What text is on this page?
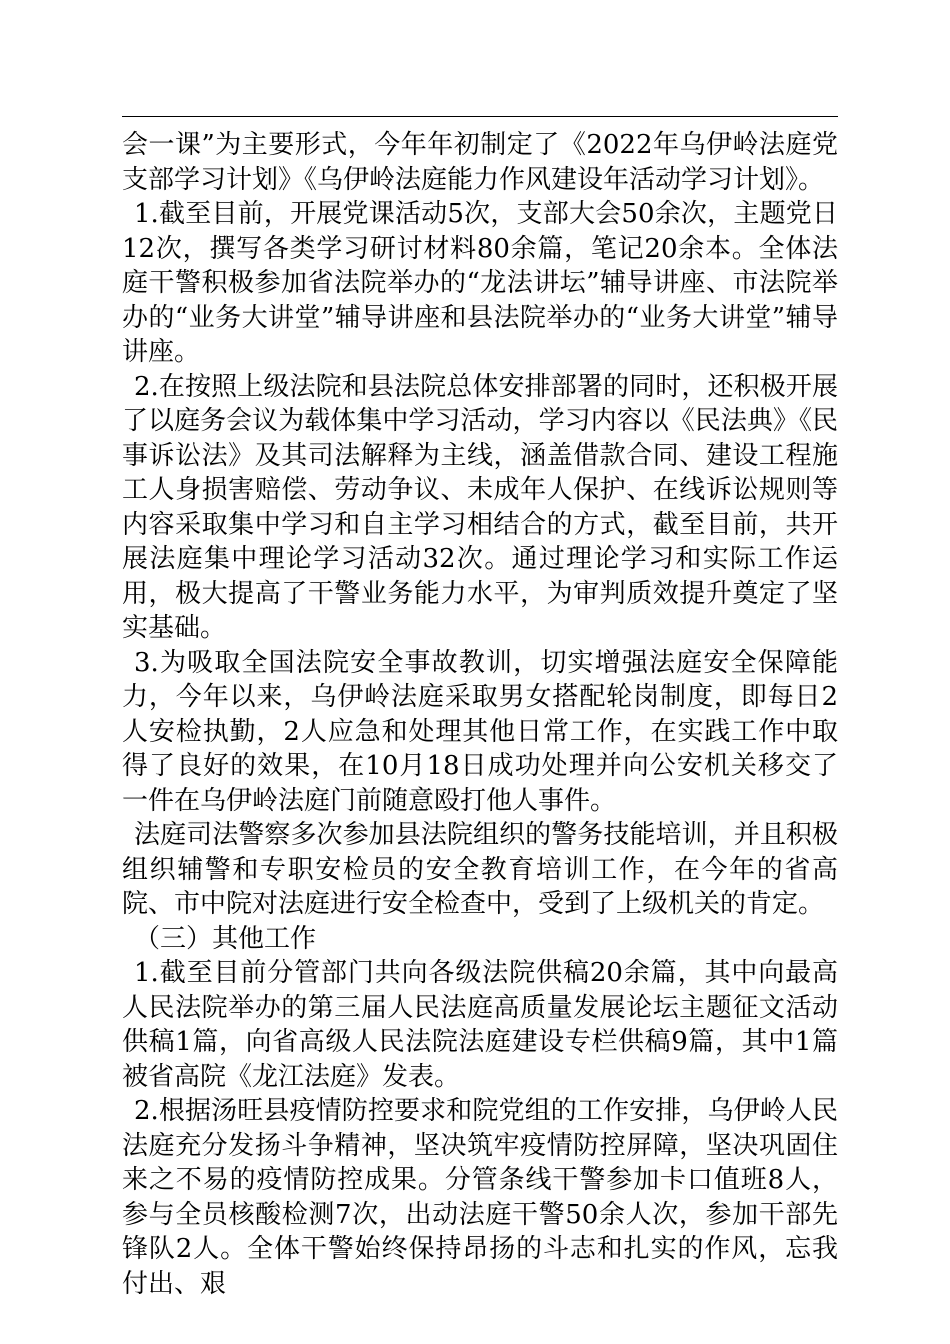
会一课”为主要形式，今年年初制定了《2022年乌伊岭法庭党支部学习计划》《乌伊岭法庭能力作风建设年活动学习计划》。

1.截至目前，开展党课活动5次，支部大会50余次，主题党日12次，撰写各类学习研讨材料80余篇，笔记20余本。全体法庭干警积极参加省法院举办的“龙法讲坛”辅导讲座、市法院举办的“业务大讲堂”辅导讲座和县法院举办的“业务大讲堂”辅导讲座。

2.在按照上级法院和县法院总体安排部署的同时，还积极开展了以庭务会议为载体集中学习活动，学习内容以《民法典》《民事诉讼法》及其司法解释为主线，涵盖借款合同、建设工程施工人身损害赔偿、劳动争议、未成年人保护、在线诉讼规则等内容采取集中学习和自主学习相结合的方式，截至目前，共开展法庭集中理论学习活动32次。通过理论学习和实际工作运用，极大提高了干警业务能力水平，为审判质效提升奠定了坚实基础。

3.为吸取全国法院安全事故教训，切实增强法庭安全保障能力，今年以来，乌伊岭法庭采取男女搭配轮岗制度，即每日2人安检执勤，2人应急和处理其他日常工作，在实践工作中取得了良好的效果，在10月18日成功处理并向公安机关移交了一件在乌伊岭法庭门前随意殴打他人事件。

法庭司法警察多次参加县法院组织的警务技能培训，并且积极组织辅警和专职安检员的安全教育培训工作，在今年的省高院、市中院对法庭进行安全检查中，受到了上级机关的肯定。

（三）其他工作

1.截至目前分管部门共向各级法院供稿20余篇，其中向最高人民法院举办的第三届人民法庭高质量发展论坛主题征文活动供稿1篇，向省高级人民法院法庭建设专栏供稿9篇，其中1篇被省高院《龙江法庭》发表。

2.根据汤旺县疫情防控要求和院党组的工作安排，乌伊岭人民法庭充分发扬斗争精神，坚决筑牢疫情防控屏障，坚决巩固住来之不易的疫情防控成果。分管条线干警参加卡口值班8人，参与全员核酸检测7次，出动法庭干警50余人次，参加干部先锋队2人。全体干警始终保持昂扬的斗志和扎实的作风，忘我付出、艰
